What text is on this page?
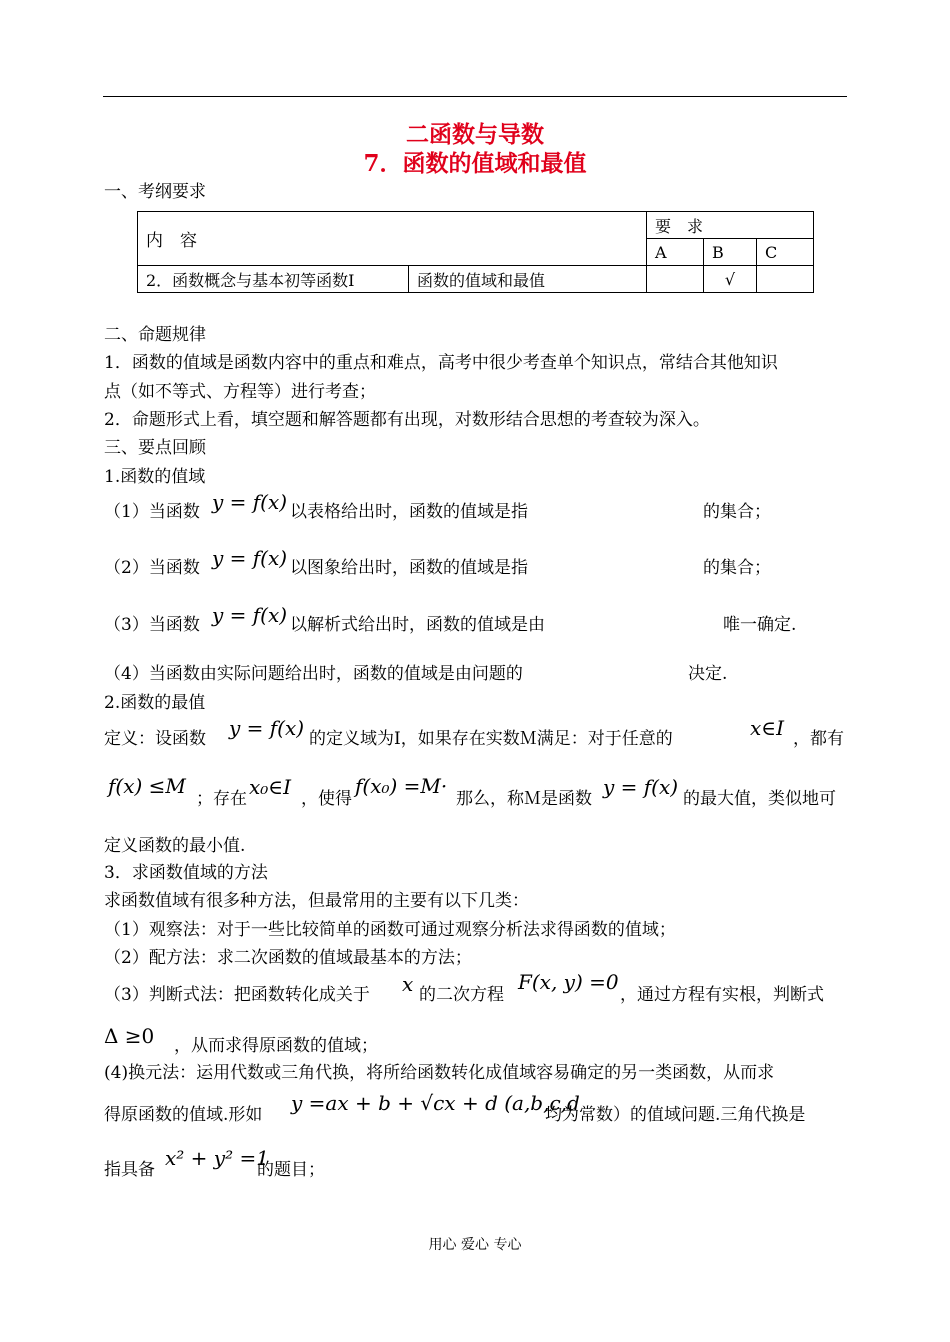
二函数与导数
7．函数的值域和最值
一、考纲要求
内　容		要　求		
		A	B	C
2．函数概念与基本初等函数Ⅰ	函数的值域和最值		√	
二、命题规律
1．函数的值域是函数内容中的重点和难点，高考中很少考查单个知识点，常结合其他知识
点（如不等式、方程等）进行考查；
2．命题形式上看，填空题和解答题都有出现，对数形结合思想的考查较为深入。
三、要点回顾
1.函数的值域
（1）当函数 y = f(x) 以表格给出时，函数的值域是指	的集合；
（2）当函数 y = f(x) 以图象给出时，函数的值域是指	的集合；
（3）当函数 y = f(x) 以解析式给出时，函数的值域是由	唯一确定.
（4）当函数由实际问题给出时，函数的值域是由问题的	决定.
2.函数的最值
定义：设函数 y = f(x) 的定义域为Ⅰ，如果存在实数Ｍ满足：对于任意的	x∈I ，都有
f(x) ≤M
；存在 x₀∈I ，使得
f(x₀) =M·
那么，称Ｍ是函数 y = f(x) 的最大值，类似地可
定义函数的最小值.
3．求函数值域的方法
求函数值域有很多种方法，但最常用的主要有以下几类：
（1）观察法：对于一些比较简单的函数可通过观察分析法求得函数的值域；
（2）配方法：求二次函数的值域最基本的方法；
（3）判断式法：把函数转化成关于 x 的二次方程
F(x, y) =0
，通过方程有实根，判断式
Δ ≥0 ，从而求得原函数的值域；
(4)换元法：运用代数或三角代换，将所给函数转化成值域容易确定的另一类函数，从而求
得原函数的值域.形如 y =ax + b + √cx + d (a,b,c,d
均为常数）的值域问题.三角代换是
指具备 x² + y² =1
的题目；
用心 爱心 专心
